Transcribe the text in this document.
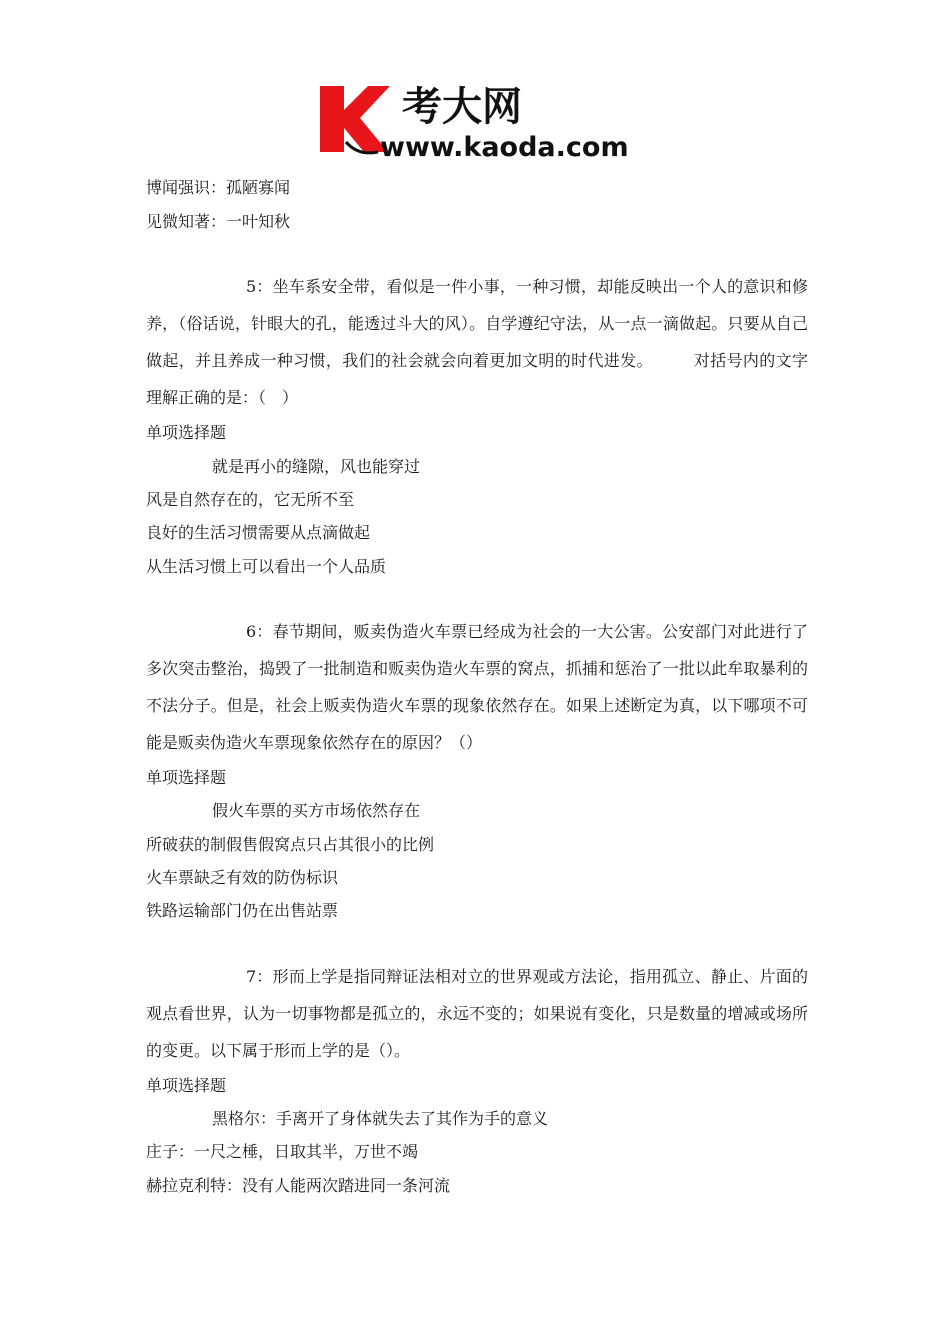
考大网
www.kaoda.com
博闻强识：孤陋寡闻
见微知著：一叶知秋
5：坐车系安全带，看似是一件小事，一种习惯，却能反映出一个人的意识和修养，（俗话说，针眼大的孔，能透过斗大的风）。自学遵纪守法，从一点一滴做起。只要从自己做起，并且养成一种习惯，我们的社会就会向着更加文明的时代进发。　　　对括号内的文字理解正确的是：（　）
单项选择题
就是再小的缝隙，风也能穿过
风是自然存在的，它无所不至
良好的生活习惯需要从点滴做起
从生活习惯上可以看出一个人品质
6：春节期间，贩卖伪造火车票已经成为社会的一大公害。公安部门对此进行了多次突击整治，捣毁了一批制造和贩卖伪造火车票的窝点，抓捕和惩治了一批以此牟取暴利的不法分子。但是，社会上贩卖伪造火车票的现象依然存在。如果上述断定为真，以下哪项不可能是贩卖伪造火车票现象依然存在的原因？（）
单项选择题
假火车票的买方市场依然存在
所破获的制假售假窝点只占其很小的比例
火车票缺乏有效的防伪标识
铁路运输部门仍在出售站票
7：形而上学是指同辩证法相对立的世界观或方法论，指用孤立、静止、片面的观点看世界，认为一切事物都是孤立的，永远不变的；如果说有变化，只是数量的增减或场所的变更。以下属于形而上学的是（）。
单项选择题
黑格尔：手离开了身体就失去了其作为手的意义
庄子：一尺之棰，日取其半，万世不竭
赫拉克利特：没有人能两次踏进同一条河流
